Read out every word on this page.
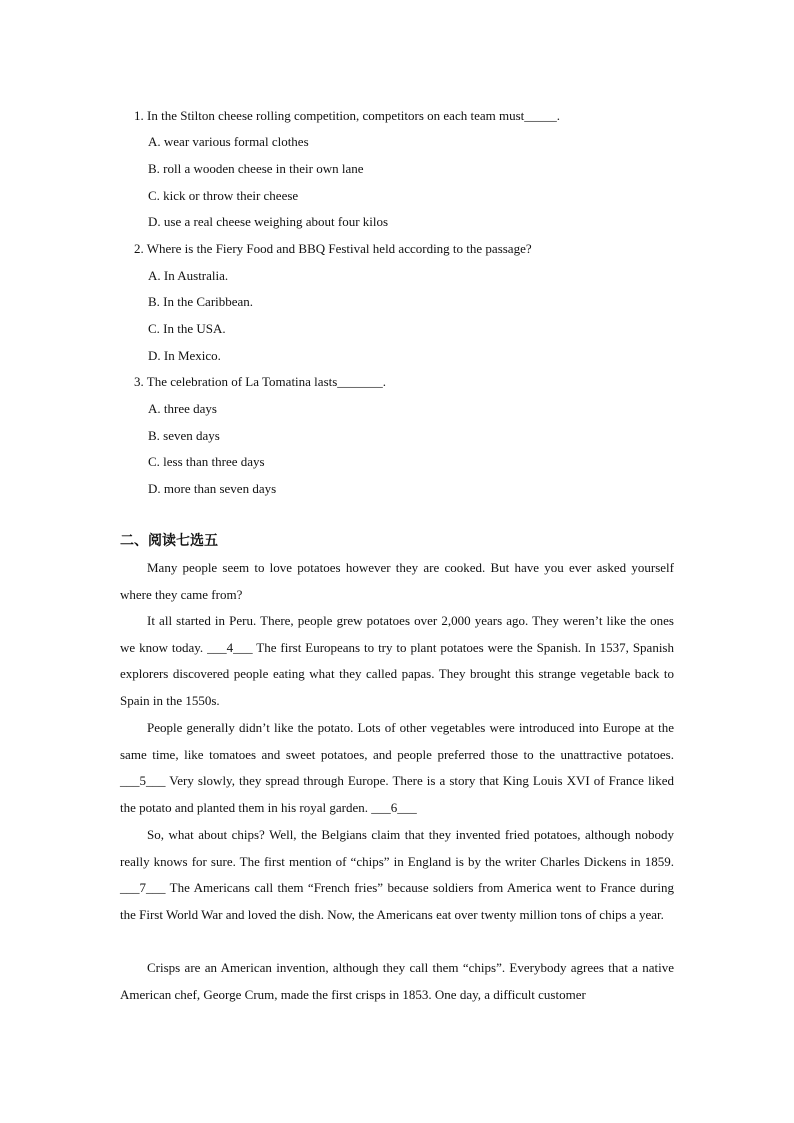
1. In the Stilton cheese rolling competition, competitors on each team must_____.
A. wear various formal clothes
B. roll a wooden cheese in their own lane
C. kick or throw their cheese
D. use a real cheese weighing about four kilos
2. Where is the Fiery Food and BBQ Festival held according to the passage?
A. In Australia.
B. In the Caribbean.
C. In the USA.
D. In Mexico.
3. The celebration of La Tomatina lasts_______.
A. three days
B. seven days
C. less than three days
D. more than seven days
二、阅读七选五

Many people seem to love potatoes however they are cooked. But have you ever asked yourself where they came from?

It all started in Peru. There, people grew potatoes over 2,000 years ago. They weren’t like the ones we know today. ___4___ The first Europeans to try to plant potatoes were the Spanish. In 1537, Spanish explorers discovered people eating what they called papas. They brought this strange vegetable back to Spain in the 1550s.

People generally didn’t like the potato. Lots of other vegetables were introduced into Europe at the same time, like tomatoes and sweet potatoes, and people preferred those to the unattractive potatoes. ___5___ Very slowly, they spread through Europe. There is a story that King Louis XVI of France liked the potato and planted them in his royal garden. ___6___

So, what about chips? Well, the Belgians claim that they invented fried potatoes, although nobody really knows for sure. The first mention of “chips” in England is by the writer Charles Dickens in 1859. ___7___ The Americans call them “French fries” because soldiers from America went to France during the First World War and loved the dish. Now, the Americans eat over twenty million tons of chips a year.

Crisps are an American invention, although they call them “chips”. Everybody agrees that a native American chef, George Crum, made the first crisps in 1853. One day, a difficult customer
